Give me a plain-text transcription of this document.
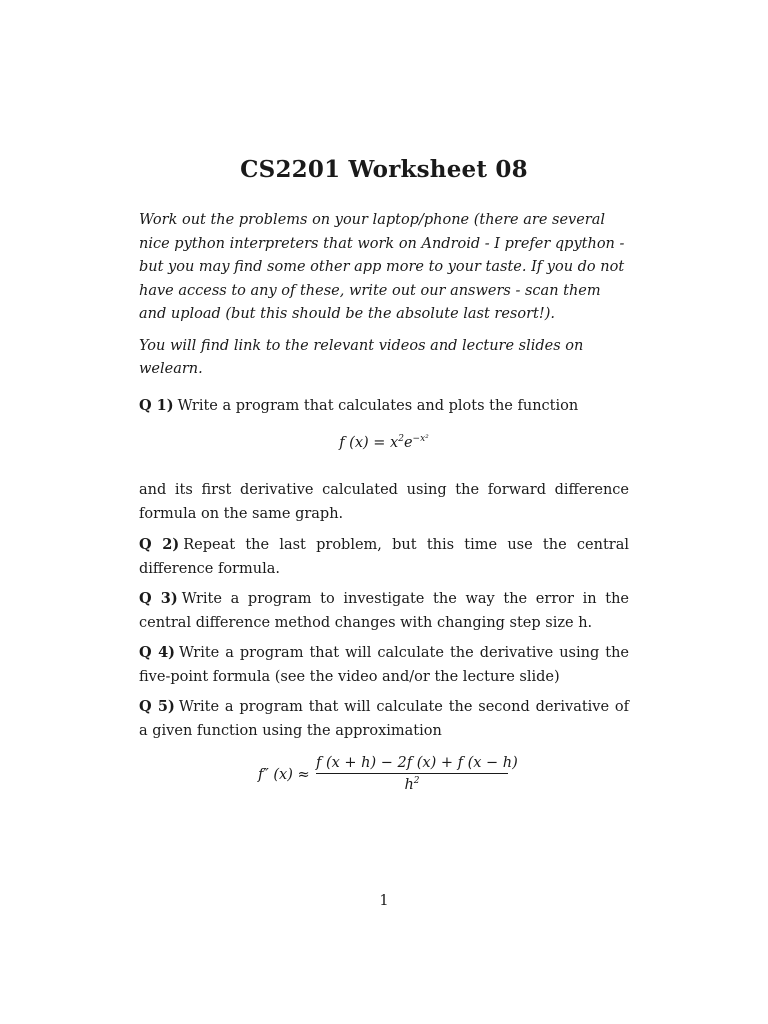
CS2201 Worksheet 08

Work out the problems on your laptop/phone (there are several nice python interpreters that work on Android - I prefer qpython - but you may find some other app more to your taste. If you do not have access to any of these, write out our answers - scan them and upload (but this should be the absolute last resort!).

You will find link to the relevant videos and lecture slides on welearn.

Q 1) Write a program that calculates and plots the function

f $(x) = x^2e^{-x^2}$

and its first derivative calculated using the forward difference formula on the same graph.

Q 2) Repeat the last problem, but this time use the central difference formula.

Q 3) Write a program to investigate the way the error in the central difference method changes with changing step size h.

Q 4) Write a program that will calculate the derivative using the five-point formula (see the video and/or the lecture slide)

Q 5) Write a program that will calculate the second derivative of a given function using the approximation

f″ $(x) \approx \frac{f (x + h) - 2f (x) + f (x - h)}{h^2}$
1
